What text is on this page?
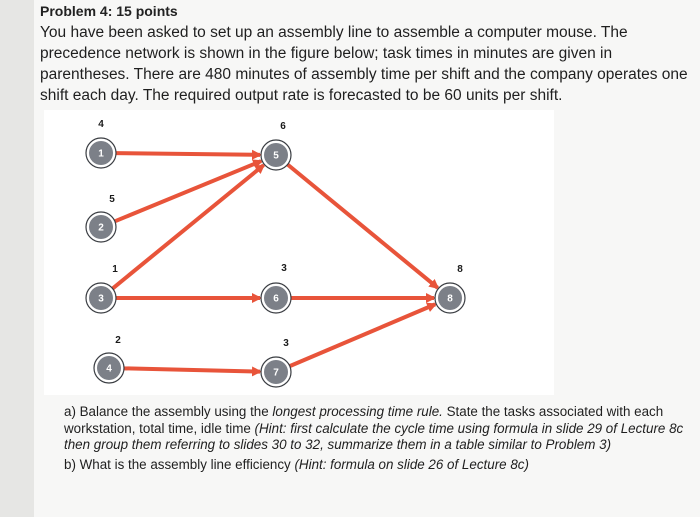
Problem 4: 15 points

You have been asked to set up an assembly line to assemble a computer mouse. The precedence network is shown in the figure below; task times in minutes are given in parentheses. There are 480 minutes of assembly time per shift and the company operates one shift each day. The required output rate is forecasted to be 60 units per shift.

1
4
2
5
3
1
4
2
5
6
6
3
7
3
8
8

a) Balance the assembly using the longest processing time rule. State the tasks associated with each workstation, total time, idle time (Hint: first calculate the cycle time using formula in slide 29 of Lecture 8c then group them referring to slides 30 to 32, summarize them in a table similar to Problem 3)

b) What is the assembly line efficiency (Hint: formula on slide 26 of Lecture 8c)
